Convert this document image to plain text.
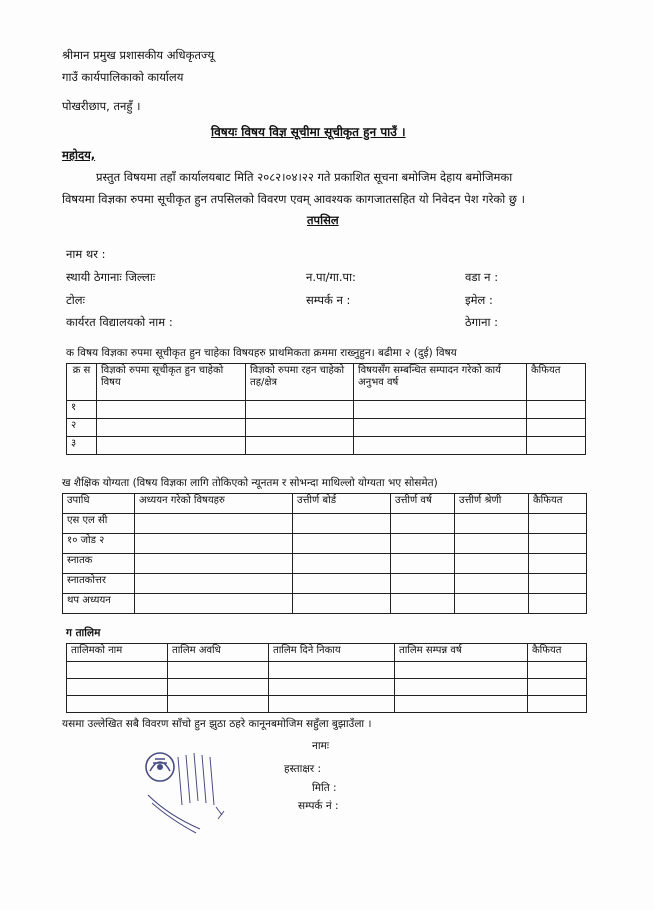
श्रीमान प्रमुख प्रशासकीय अधिकृतज्यू
गाउँ कार्यपालिकाको कार्यालय
पोखरीछाप, तनहुँ ।
विषयः विषय विज्ञ सूचीमा सूचीकृत हुन पाउँ ।
महोदय,
प्रस्तुत विषयमा तहाँ कार्यालयबाट मिति २०८२।०४।२२ गते प्रकाशित सूचना बमोजिम देहाय बमोजिमका
विषयमा विज्ञका रुपमा सूचीकृत हुन तपसिलको विवरण एवम् आवश्यक कागजातसहित यो निवेदन पेश गरेको छु ।
तपसिल
नाम थर :
स्थायी ठेगानाः जिल्लाः	न.पा/गा.पा:	वडा न :
टोलः	सम्पर्क न :	इमेल :
कार्यरत विद्यालयको नाम :	ठेगाना :
क विषय विज्ञका रुपमा सूचीकृत हुन चाहेका विषयहरु प्राथमिकता क्रममा राख्नुहुन। बढीमा २ (दुई) विषय
क्र स	विज्ञको रुपमा सूचीकृत हुन चाहेको विषय	विज्ञको रुपमा रहन चाहेको तह/क्षेत्र	विषयसँग सम्बन्धित सम्पादन गरेको कार्य अनुभव वर्ष	कैफियत
१				
२				
३				
ख शैक्षिक योग्यता (विषय विज्ञका लागि तोकिएको न्यूनतम र सोभन्दा माथिल्लो योग्यता भए सोसमेत)
उपाधि	अध्ययन गरेको विषयहरु	उत्तीर्ण बोर्ड	उत्तीर्ण वर्ष	उत्तीर्ण श्रेणी	कैफियत
एस एल सी					
१० जोड २					
स्नातक					
स्नातकोत्तर					
थप अध्ययन					
ग तालिम
तालिमको नाम	तालिम अवधि	तालिम दिने निकाय	तालिम सम्पन्न वर्ष	कैफियत

यसमा उल्लेखित सबै विवरण साँचो हुन झुठा ठहरे कानूनबमोजिम सहुँला बुझाउँला ।
नामः
हस्ताक्षर :
मिति :
सम्पर्क नं :
